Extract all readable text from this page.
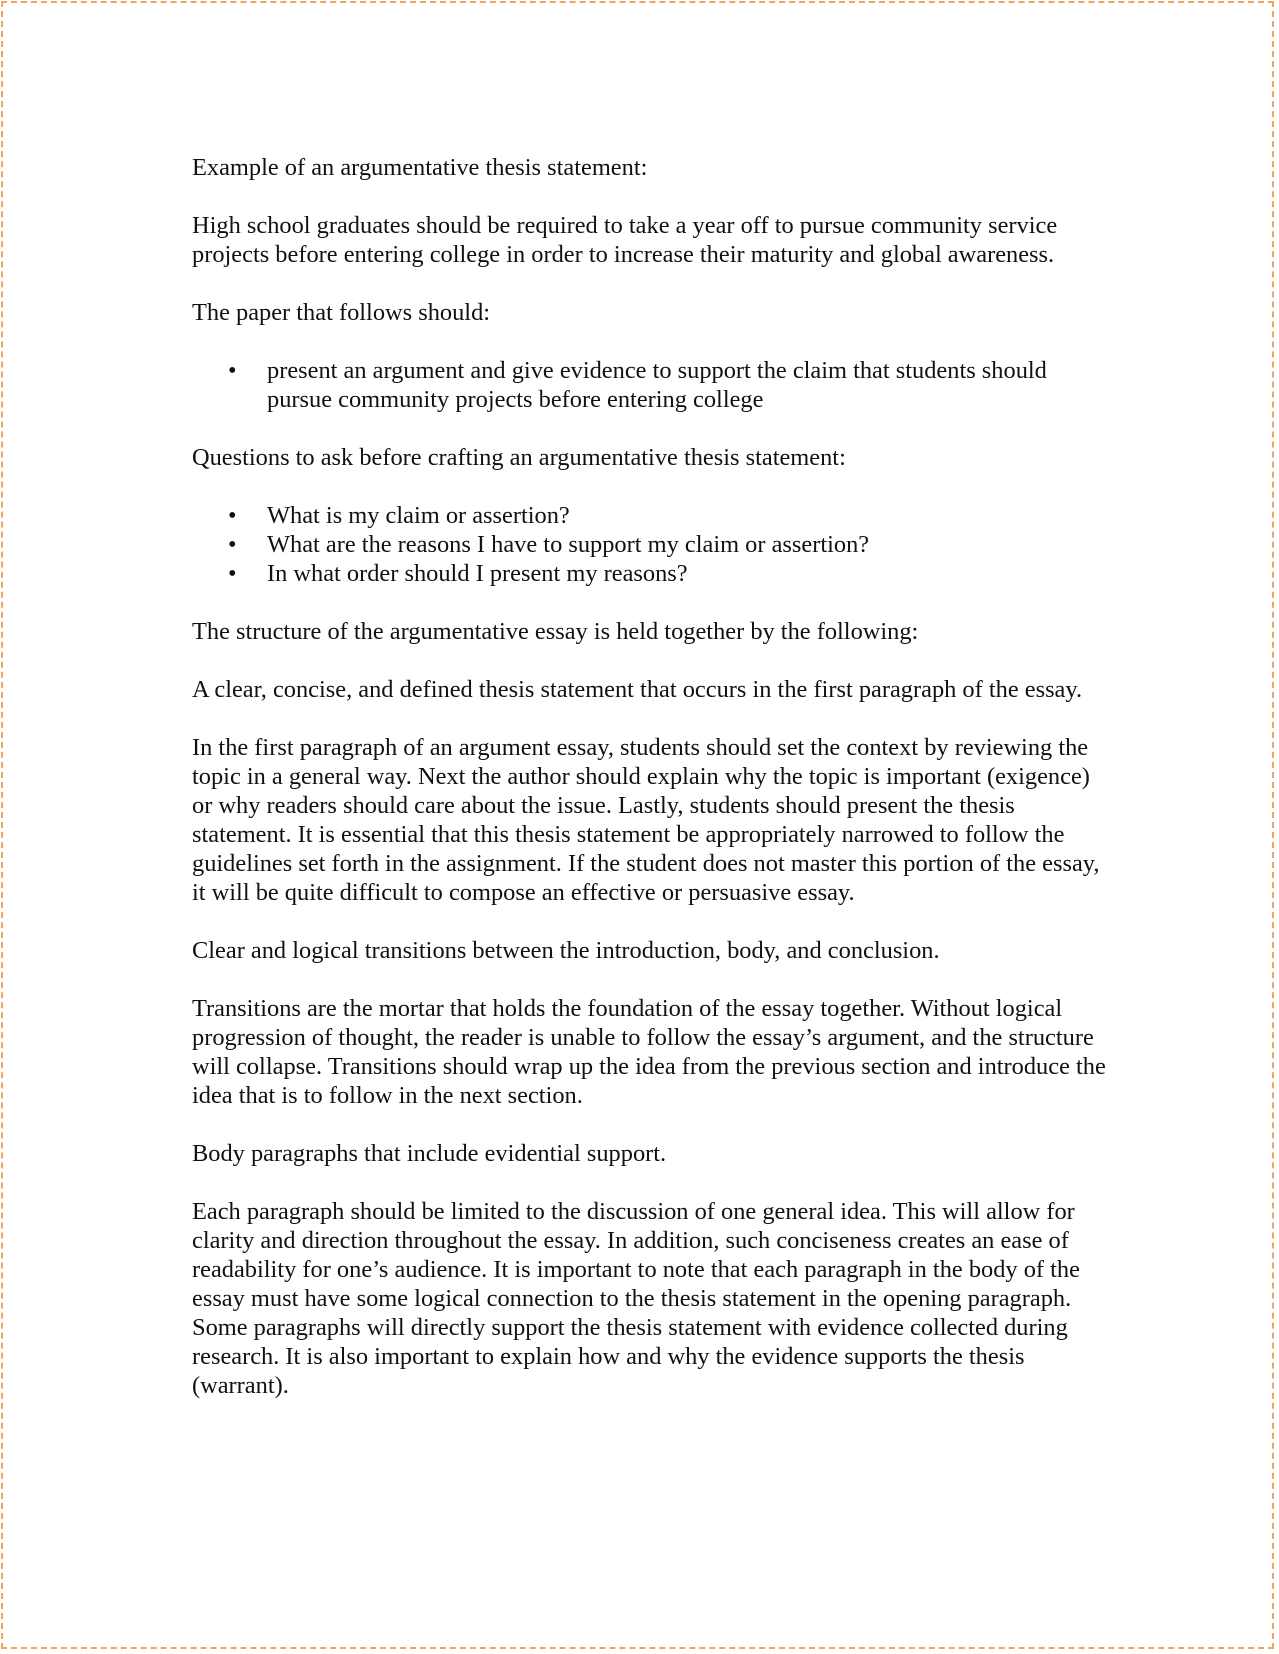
Example of an argumentative thesis statement:

High school graduates should be required to take a year off to pursue community service projects before entering college in order to increase their maturity and global awareness.

The paper that follows should:

• present an argument and give evidence to support the claim that students should pursue community projects before entering college

Questions to ask before crafting an argumentative thesis statement:

• What is my claim or assertion?
• What are the reasons I have to support my claim or assertion?
• In what order should I present my reasons?

The structure of the argumentative essay is held together by the following:

A clear, concise, and defined thesis statement that occurs in the first paragraph of the essay.

In the first paragraph of an argument essay, students should set the context by reviewing the topic in a general way. Next the author should explain why the topic is important (exigence) or why readers should care about the issue. Lastly, students should present the thesis statement. It is essential that this thesis statement be appropriately narrowed to follow the guidelines set forth in the assignment. If the student does not master this portion of the essay, it will be quite difficult to compose an effective or persuasive essay.

Clear and logical transitions between the introduction, body, and conclusion.

Transitions are the mortar that holds the foundation of the essay together. Without logical progression of thought, the reader is unable to follow the essay’s argument, and the structure will collapse. Transitions should wrap up the idea from the previous section and introduce the idea that is to follow in the next section.

Body paragraphs that include evidential support.

Each paragraph should be limited to the discussion of one general idea. This will allow for clarity and direction throughout the essay. In addition, such conciseness creates an ease of readability for one’s audience. It is important to note that each paragraph in the body of the essay must have some logical connection to the thesis statement in the opening paragraph. Some paragraphs will directly support the thesis statement with evidence collected during research. It is also important to explain how and why the evidence supports the thesis (warrant).
